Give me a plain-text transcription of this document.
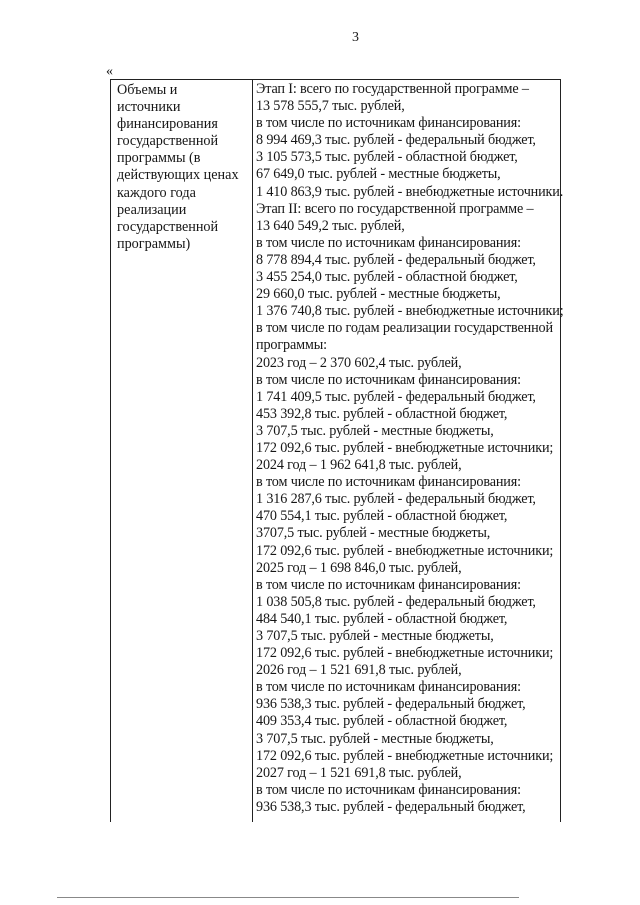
3
«
Объемы и
источники
финансирования
государственной
программы (в
действующих ценах
каждого года
реализации
государственной
программы)
Этап I: всего по государственной программе –
13 578 555,7 тыс. рублей,
в том числе по источникам финансирования:
8 994 469,3 тыс. рублей - федеральный бюджет,
3 105 573,5 тыс. рублей - областной бюджет,
67 649,0 тыс. рублей - местные бюджеты,
1 410 863,9 тыс. рублей - внебюджетные источники.
Этап II: всего по государственной программе –
13 640 549,2 тыс. рублей,
в том числе по источникам финансирования:
8 778 894,4 тыс. рублей - федеральный бюджет,
3 455 254,0 тыс. рублей - областной бюджет,
29 660,0 тыс. рублей - местные бюджеты,
1 376 740,8 тыс. рублей - внебюджетные источники;
в том числе по годам реализации государственной
программы:
2023 год – 2 370 602,4 тыс. рублей,
в том числе по источникам финансирования:
1 741 409,5 тыс. рублей - федеральный бюджет,
453 392,8 тыс. рублей - областной бюджет,
3 707,5 тыс. рублей - местные бюджеты,
172 092,6 тыс. рублей - внебюджетные источники;
2024 год – 1 962 641,8 тыс. рублей,
в том числе по источникам финансирования:
1 316 287,6 тыс. рублей - федеральный бюджет,
470 554,1 тыс. рублей - областной бюджет,
3707,5 тыс. рублей - местные бюджеты,
172 092,6 тыс. рублей - внебюджетные источники;
2025 год – 1 698 846,0 тыс. рублей,
в том числе по источникам финансирования:
1 038 505,8 тыс. рублей - федеральный бюджет,
484 540,1 тыс. рублей - областной бюджет,
3 707,5 тыс. рублей - местные бюджеты,
172 092,6 тыс. рублей - внебюджетные источники;
2026 год – 1 521 691,8 тыс. рублей,
в том числе по источникам финансирования:
936 538,3 тыс. рублей - федеральный бюджет,
409 353,4 тыс. рублей - областной бюджет,
3 707,5 тыс. рублей - местные бюджеты,
172 092,6 тыс. рублей - внебюджетные источники;
2027 год – 1 521 691,8 тыс. рублей,
в том числе по источникам финансирования:
936 538,3 тыс. рублей - федеральный бюджет,
